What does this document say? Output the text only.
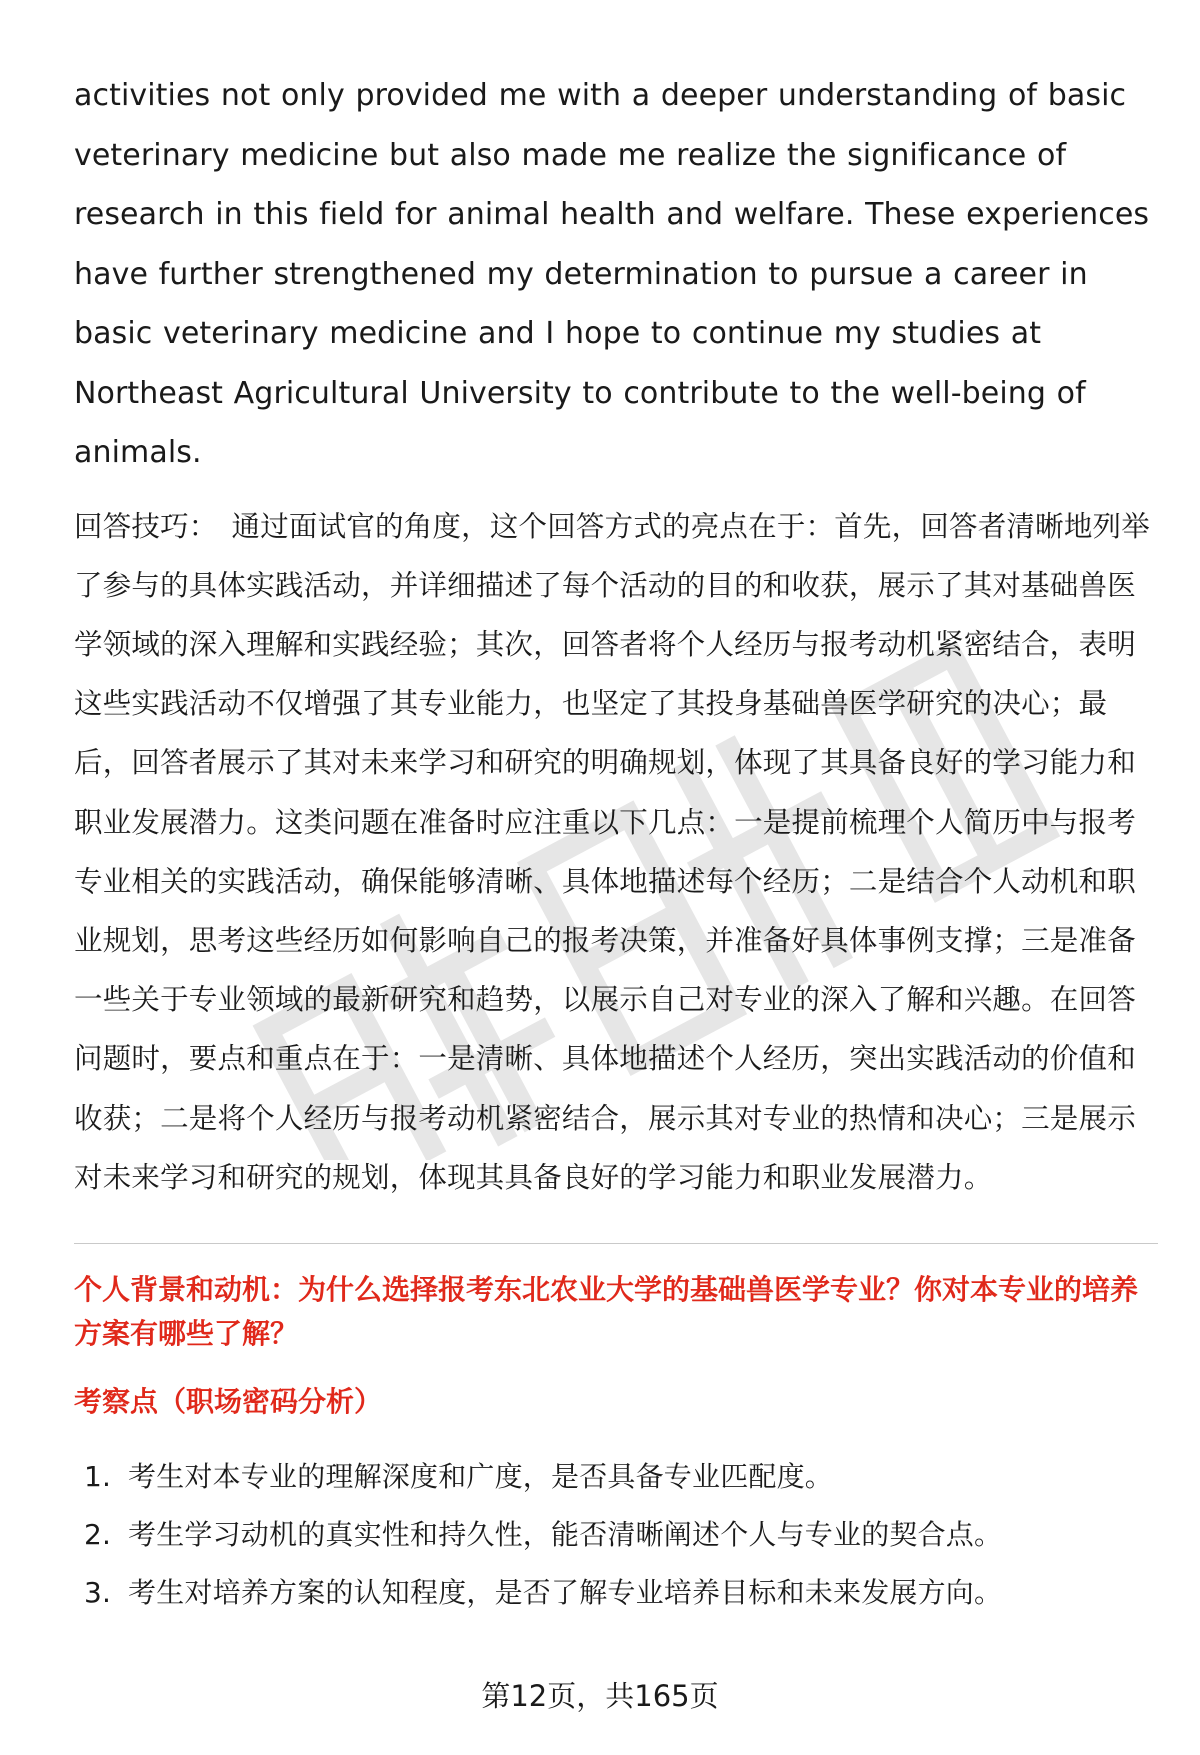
activities not only provided me with a deeper understanding of basic veterinary medicine but also made me realize the significance of research in this field for animal health and welfare. These experiences have further strengthened my determination to pursue a career in basic veterinary medicine and I hope to continue my studies at Northeast Agricultural University to contribute to the well-being of animals.

回答技巧： 通过面试官的角度，这个回答方式的亮点在于：首先，回答者清晰地列举了参与的具体实践活动，并详细描述了每个活动的目的和收获，展示了其对基础兽医学领域的深入理解和实践经验；其次，回答者将个人经历与报考动机紧密结合，表明这些实践活动不仅增强了其专业能力，也坚定了其投身基础兽医学研究的决心；最后，回答者展示了其对未来学习和研究的明确规划，体现了其具备良好的学习能力和职业发展潜力。这类问题在准备时应注重以下几点：一是提前梳理个人简历中与报考专业相关的实践活动，确保能够清晰、具体地描述每个经历；二是结合个人动机和职业规划，思考这些经历如何影响自己的报考决策，并准备好具体事例支撑；三是准备一些关于专业领域的最新研究和趋势，以展示自己对专业的深入了解和兴趣。在回答问题时，要点和重点在于：一是清晰、具体地描述个人经历，突出实践活动的价值和收获；二是将个人经历与报考动机紧密结合，展示其对专业的热情和决心；三是展示对未来学习和研究的规划，体现其具备良好的学习能力和职业发展潜力。

个人背景和动机：为什么选择报考东北农业大学的基础兽医学专业？你对本专业的培养方案有哪些了解？
考察点（职场密码分析）
1. 考生对本专业的理解深度和广度，是否具备专业匹配度。
2. 考生学习动机的真实性和持久性，能否清晰阐述个人与专业的契合点。
3. 考生对培养方案的认知程度，是否了解专业培养目标和未来发展方向。
第12页，共165页
